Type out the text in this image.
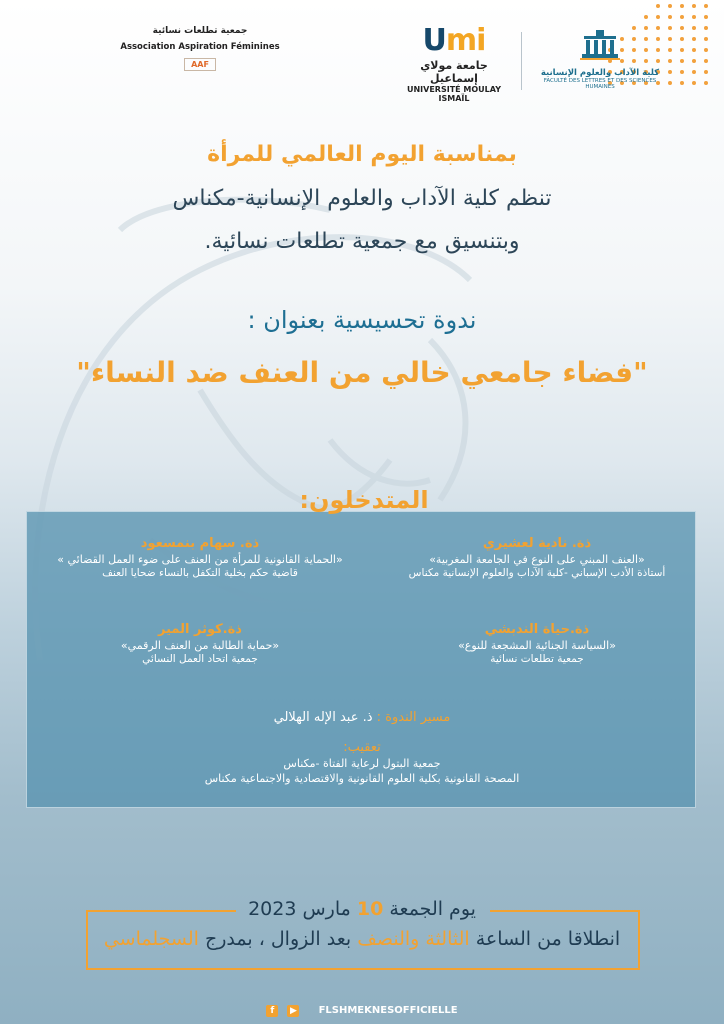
جمعية تطلعات نسائية
Association Aspiration Féminines
AAF
Umi
جامعة مولاي إسماعيل
UNIVERSITÉ MOULAY ISMAÏL
كلية الآداب والعلوم الإنسانية
FACULTÉ DES LETTRES ET DES SCIENCES HUMAINES
بمناسبة اليوم العالمي للمرأة
تنظم كلية الآداب والعلوم الإنسانية-مكناس
وبتنسيق مع جمعية تطلعات نسائية.
ندوة تحسيسية بعنوان :
"فضاء جامعي خالي من العنف ضد النساء"
المتدخلون:
ذة. نادية لعشيري
«العنف المبني على النوع في الجامعة المغربية»
أستاذة الأدب الإسباني -كلية الآداب والعلوم الإنسانية مكناس
ذة. سهام بنمسعود
«الحماية القانونية للمرأة من العنف على ضوء العمل القضائي »
قاضية حكم بخلية التكفل بالنساء ضحايا العنف
ذة.حياة الندبشي
«السياسة الجنائية المشجعة للنوع»
جمعية تطلعات نسائية
ذة.كوثر المير
«حماية الطالبة من العنف الرقمي»
جمعية اتحاد العمل النسائي
مسير الندوة : ذ. عبد الإله الهلالي
تعقيب:
جمعية البتول لرعاية الفتاة -مكناس
المصحة القانونية بكلية العلوم القانونية والاقتصادية والاجتماعية مكناس
يوم الجمعة 10 مارس 2023
انطلاقا من الساعة الثالثة والنصف بعد الزوال ، بمدرج السجلماسي
f ▶ FLSHMEKNESOFFICIELLE
